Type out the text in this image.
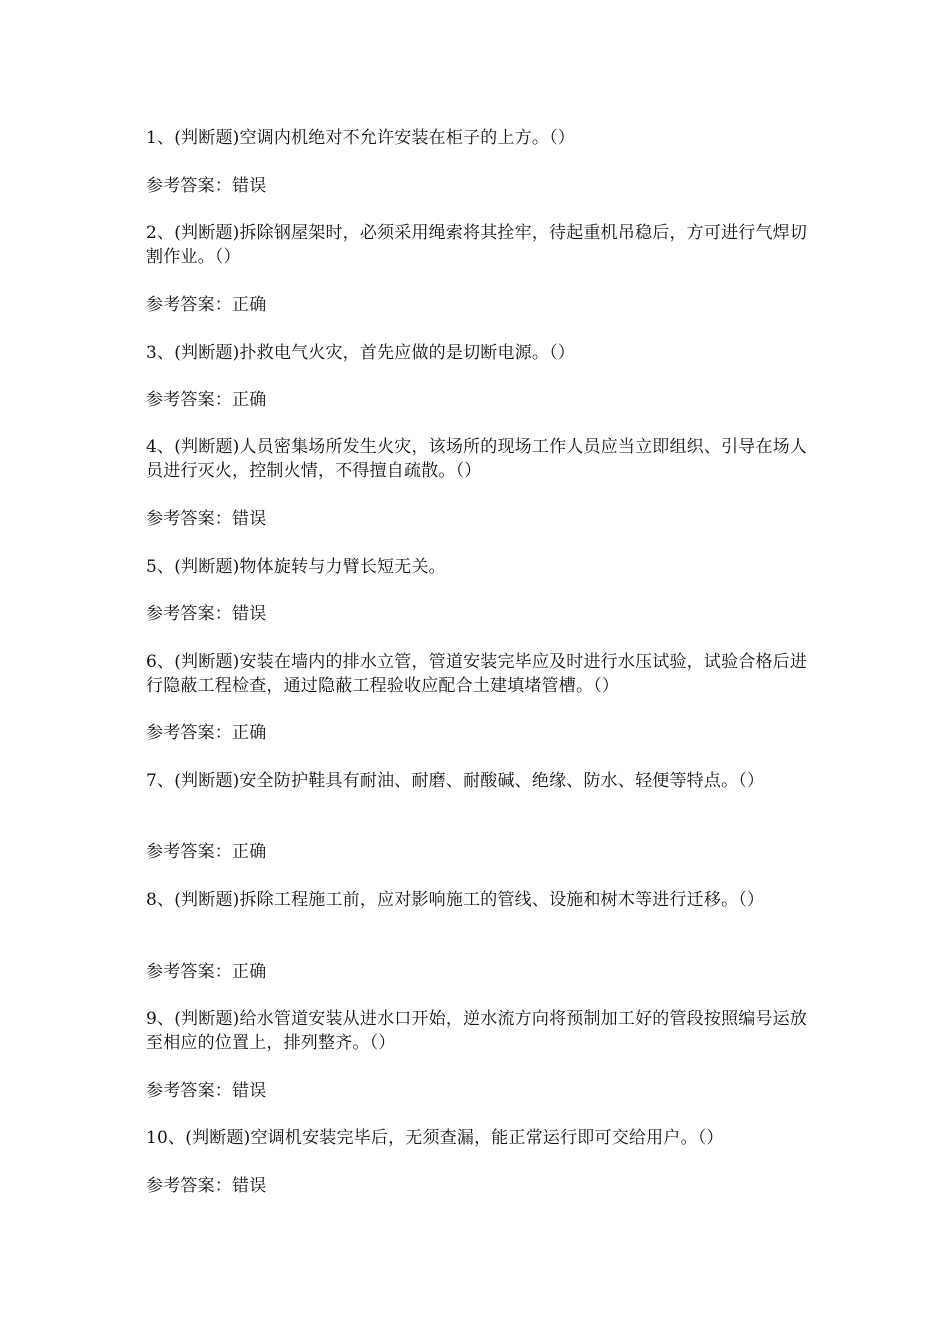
1、(判断题)空调内机绝对不允许安装在柜子的上方。（）

参考答案：错误

2、(判断题)拆除钢屋架时，必须采用绳索将其拴牢，待起重机吊稳后，方可进行气焊切割作业。（）

参考答案：正确

3、(判断题)扑救电气火灾，首先应做的是切断电源。（）

参考答案：正确

4、(判断题)人员密集场所发生火灾，该场所的现场工作人员应当立即组织、引导在场人员进行灭火，控制火情，不得擅自疏散。（）

参考答案：错误

5、(判断题)物体旋转与力臂长短无关。

参考答案：错误

6、(判断题)安装在墙内的排水立管，管道安装完毕应及时进行水压试验，试验合格后进行隐蔽工程检查，通过隐蔽工程验收应配合土建填堵管槽。（）

参考答案：正确

7、(判断题)安全防护鞋具有耐油、耐磨、耐酸碱、绝缘、防水、轻便等特点。（）

参考答案：正确

8、(判断题)拆除工程施工前，应对影响施工的管线、设施和树木等进行迁移。（）

参考答案：正确

9、(判断题)给水管道安装从进水口开始，逆水流方向将预制加工好的管段按照编号运放至相应的位置上，排列整齐。（）

参考答案：错误

10、(判断题)空调机安装完毕后，无须查漏，能正常运行即可交给用户。（）

参考答案：错误
